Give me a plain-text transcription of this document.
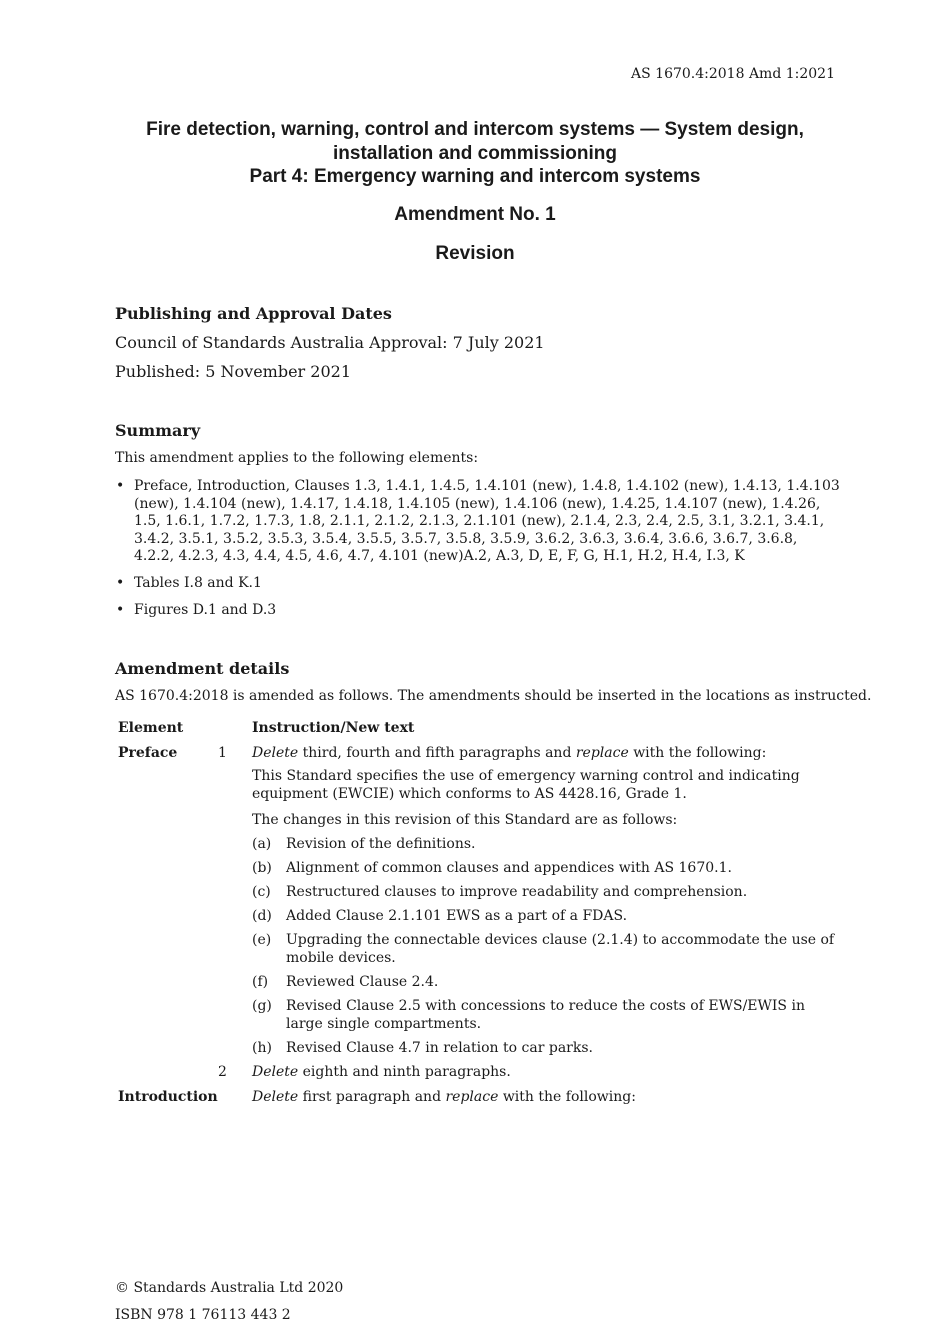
AS 1670.4:2018 Amd 1:2021
Fire detection, warning, control and intercom systems — System design,
installation and commissioning
Part 4: Emergency warning and intercom systems
Amendment No. 1
Revision
Publishing and Approval Dates
Council of Standards Australia Approval: 7 July 2021
Published: 5 November 2021
Summary
This amendment applies to the following elements:
• Preface, Introduction, Clauses 1.3, 1.4.1, 1.4.5, 1.4.101 (new), 1.4.8, 1.4.102 (new), 1.4.13, 1.4.103 (new), 1.4.104 (new), 1.4.17, 1.4.18, 1.4.105 (new), 1.4.106 (new), 1.4.25, 1.4.107 (new), 1.4.26, 1.5, 1.6.1, 1.7.2, 1.7.3, 1.8, 2.1.1, 2.1.2, 2.1.3, 2.1.101 (new), 2.1.4, 2.3, 2.4, 2.5, 3.1, 3.2.1, 3.4.1, 3.4.2, 3.5.1, 3.5.2, 3.5.3, 3.5.4, 3.5.5, 3.5.7, 3.5.8, 3.5.9, 3.6.2, 3.6.3, 3.6.4, 3.6.6, 3.6.7, 3.6.8, 4.2.2, 4.2.3, 4.3, 4.4, 4.5, 4.6, 4.7, 4.101 (new)A.2, A.3, D, E, F, G, H.1, H.2, H.4, I.3, K
• Tables I.8 and K.1
• Figures D.1 and D.3
Amendment details
AS 1670.4:2018 is amended as follows. The amendments should be inserted in the locations as instructed.
Element	Instruction/New text
Preface	1 Delete third, fourth and fifth paragraphs and replace with the following:
This Standard specifies the use of emergency warning control and indicating equipment (EWCIE) which conforms to AS 4428.16, Grade 1.
The changes in this revision of this Standard are as follows:
(a) Revision of the definitions.
(b) Alignment of common clauses and appendices with AS 1670.1.
(c) Restructured clauses to improve readability and comprehension.
(d) Added Clause 2.1.101 EWS as a part of a FDAS.
(e) Upgrading the connectable devices clause (2.1.4) to accommodate the use of mobile devices.
(f) Reviewed Clause 2.4.
(g) Revised Clause 2.5 with concessions to reduce the costs of EWS/EWIS in large single compartments.
(h) Revised Clause 4.7 in relation to car parks.
2 Delete eighth and ninth paragraphs.
Introduction Delete first paragraph and replace with the following:
© Standards Australia Ltd 2020
ISBN 978 1 76113 443 2
